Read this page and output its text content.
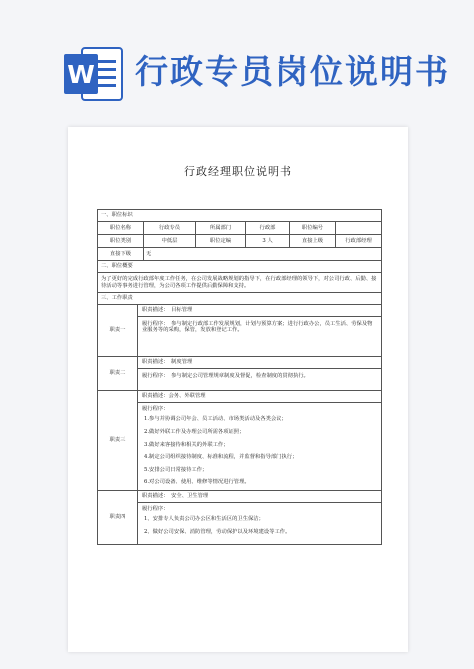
W 行政专员岗位说明书
行政经理职位说明书
一、职位标识
职位名称	行政专员	所属部门	行政部	职位编号
职位类别	中低层	职位定编	3 人	直接上级	行政部经理
直接下级	无
二、职位概要
为了更好的完成行政部年度工作任务，在公司发展战略规划的指导下，在行政部经理的领导下，对公司行政、后勤、接待活动等事务进行管理，为公司各项工作提供后勤保障和支持。
三、工作职责
职责一
职责描述：　目标管理
履行程序：　参与制定行政部工作发展规划，计划与预算方案；进行行政办公，员工生活、劳保及物业服务等的采购，保管，发放和登记工作。
职责二
职责描述：　制度管理
履行程序：　参与制定公司管理规章制度及督促，检查制度的贯彻执行。
职责三
职责描述：会务、外联管理
履行程序：
1.参与并协调公司年会、员工活动、市场类活动及各类会议；
2.做好外联工作及办理公司所需各项证照；
3.做好来客接待和相关的外联工作；
4.制定公司组织接待制度、标准和流程，并监督和指导部门执行；
5.安排公司日常接待工作；
6.对公司设备、使用、维修等情况进行管理。
职责四
职责描述：　安全、卫生管理
履行程序：
1、安排专人负责公司办公区和生活区的卫生保洁；
2、做好公司安保、消防管理，劳动保护以及环境建设等工作。
